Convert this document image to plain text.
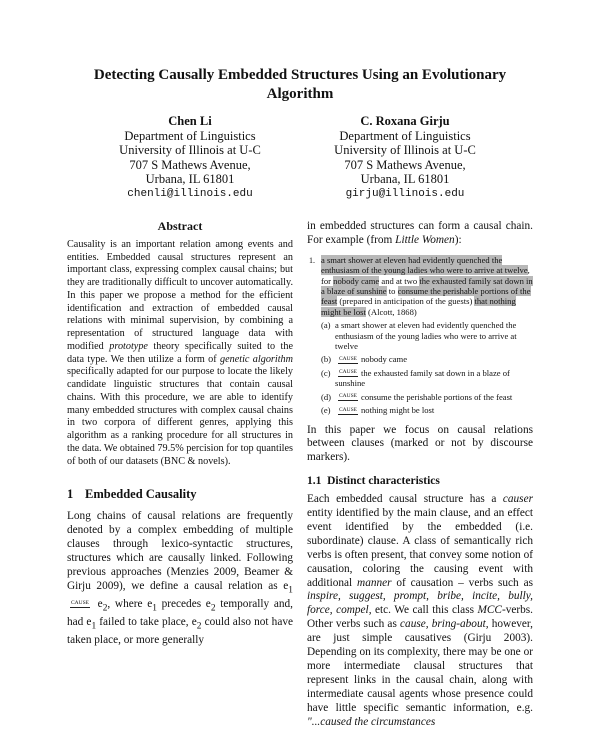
Detecting Causally Embedded Structures Using an Evolutionary Algorithm
Chen Li
Department of Linguistics
University of Illinois at U-C
707 S Mathews Avenue,
Urbana, IL 61801
chenli@illinois.edu
C. Roxana Girju
Department of Linguistics
University of Illinois at U-C
707 S Mathews Avenue,
Urbana, IL 61801
girju@illinois.edu
Abstract

Causality is an important relation among events and entities. Embedded causal structures represent an important class, expressing complex causal chains; but they are traditionally difficult to uncover automatically. In this paper we propose a method for the efficient identification and extraction of embedded causal relations with minimal supervision, by combining a representation of structured language data with modified prototype theory specifically suited to the data type. We then utilize a form of genetic algorithm specifically adapted for our purpose to locate the likely candidate linguistic structures that contain causal chains. With this procedure, we are able to identify many embedded structures with complex causal chains in two corpora of different genres, applying this algorithm as a ranking procedure for all structures in the data. We obtained 79.5% percision for top quantiles of both of our datasets (BNC & novels).

1 Embedded Causality

Long chains of causal relations are frequently denoted by a complex embedding of multiple clauses through lexico-syntactic structures, structures which are causally linked. Following previous approaches (Menzies 2009, Beamer & Girju 2009), we define a causal relation as $e_1CAUSE$
$e_2$, where $e_1$ precedes $e_2$ temporally and, had $e_1$ failed to take place, $e_2$ could also not have taken place, or more generally

in embedded structures can form a causal chain. For example (from Little Women):

1. a smart shower at eleven had evidently quenched the enthusiasm of the young ladies who were to arrive at twelve, for nobody came and at two the exhausted family sat down in a blaze of sunshine to consume the perishable portions of the feast (prepared in anticipation of the guests) that nothing might be lost (Alcott, 1868)
(a) a smart shower at eleven had evidently quenched the enthusiasm of the young ladies who were to arrive at twelve
(b) CAUSE nobody came
(c) CAUSE the exhausted family sat down in a blaze of sunshine
(d) CAUSE consume the perishable portions of the feast
(e) CAUSE nothing might be lost

In this paper we focus on causal relations between clauses (marked or not by discourse markers).

1.1 Distinct characteristics

Each embedded causal structure has a causer entity identified by the main clause, and an effect event identified by the embedded (i.e. subordinate) clause. A class of semantically rich verbs is often present, that convey some notion of causation, coloring the causing event with additional manner of causation – verbs such as inspire, suggest, prompt, bribe, incite, bully, force, compel, etc. We call this class MCC-verbs. Other verbs such as cause, bring-about, however, are just simple causatives (Girju 2003). Depending on its complexity, there may be one or more intermediate clausal structures that represent links in the causal chain, along with intermediate causal agents whose presence could have little specific semantic information, e.g. "...caused the circumstances
